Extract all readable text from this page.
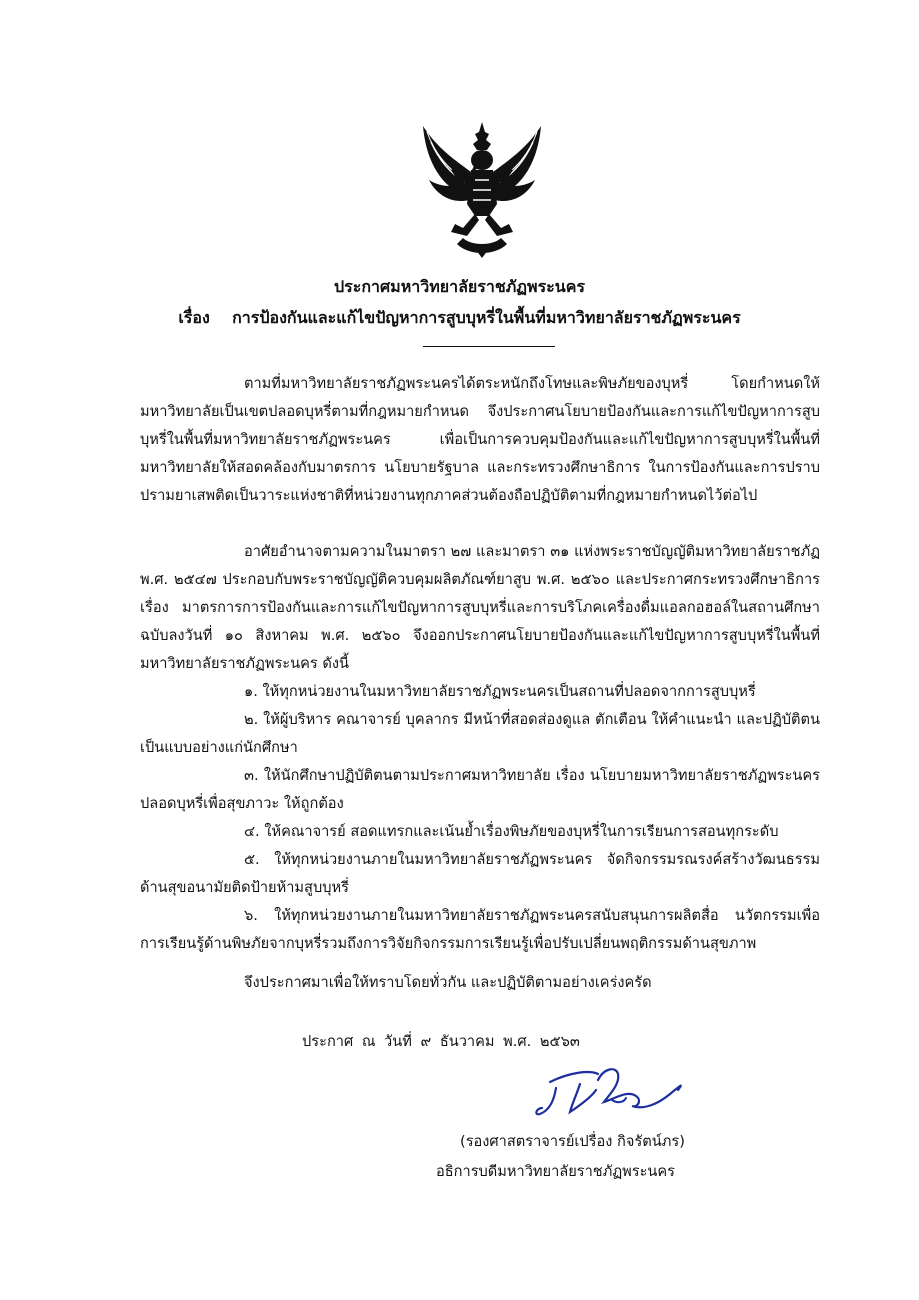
ประกาศมหาวิทยาลัยราชภัฏพระนคร
เรื่อง การป้องกันและแก้ไขปัญหาการสูบบุหรี่ในพื้นที่มหาวิทยาลัยราชภัฏพระนคร

ตามที่มหาวิทยาลัยราชภัฏพระนครได้ตระหนักถึงโทษและพิษภัยของบุหรี่ โดยกำหนดให้มหาวิทยาลัยเป็นเขตปลอดบุหรี่ตามที่กฎหมายกำหนด จึงประกาศนโยบายป้องกันและการแก้ไขปัญหาการสูบบุหรี่ในพื้นที่มหาวิทยาลัยราชภัฏพระนคร เพื่อเป็นการควบคุมป้องกันและแก้ไขปัญหาการสูบบุหรี่ในพื้นที่มหาวิทยาลัยให้สอดคล้องกับมาตรการ นโยบายรัฐบาล และกระทรวงศึกษาธิการ ในการป้องกันและการปราบปรามยาเสพติดเป็นวาระแห่งชาติที่หน่วยงานทุกภาคส่วนต้องถือปฏิบัติตามที่กฎหมายกำหนดไว้ต่อไป

อาศัยอำนาจตามความในมาตรา ๒๗ และมาตรา ๓๑ แห่งพระราชบัญญัติมหาวิทยาลัยราชภัฏ พ.ศ. ๒๕๔๗ ประกอบกับพระราชบัญญัติควบคุมผลิตภัณฑ์ยาสูบ พ.ศ. ๒๕๖๐ และประกาศกระทรวงศึกษาธิการ เรื่อง มาตรการการป้องกันและการแก้ไขปัญหาการสูบบุหรี่และการบริโภคเครื่องดื่มแอลกอฮอล์ในสถานศึกษา ฉบับลงวันที่ ๑๐ สิงหาคม พ.ศ. ๒๕๖๐ จึงออกประกาศนโยบายป้องกันและแก้ไขปัญหาการสูบบุหรี่ในพื้นที่มหาวิทยาลัยราชภัฏพระนคร ดังนี้

๑. ให้ทุกหน่วยงานในมหาวิทยาลัยราชภัฏพระนครเป็นสถานที่ปลอดจากการสูบบุหรี่

๒. ให้ผู้บริหาร คณาจารย์ บุคลากร มีหน้าที่สอดส่องดูแล ตักเตือน ให้คำแนะนำ และปฏิบัติตนเป็นแบบอย่างแก่นักศึกษา

๓. ให้นักศึกษาปฏิบัติตนตามประกาศมหาวิทยาลัย เรื่อง นโยบายมหาวิทยาลัยราชภัฏพระนครปลอดบุหรี่เพื่อสุขภาวะ ให้ถูกต้อง

๔. ให้คณาจารย์ สอดแทรกและเน้นย้ำเรื่องพิษภัยของบุหรี่ในการเรียนการสอนทุกระดับ

๕. ให้ทุกหน่วยงานภายในมหาวิทยาลัยราชภัฏพระนคร จัดกิจกรรมรณรงค์สร้างวัฒนธรรมด้านสุขอนามัยติดป้ายห้ามสูบบุหรี่

๖. ให้ทุกหน่วยงานภายในมหาวิทยาลัยราชภัฏพระนครสนับสนุนการผลิตสื่อ นวัตกรรมเพื่อการเรียนรู้ด้านพิษภัยจากบุหรี่รวมถึงการวิจัยกิจกรรมการเรียนรู้เพื่อปรับเปลี่ยนพฤติกรรมด้านสุขภาพ

จึงประกาศมาเพื่อให้ทราบโดยทั่วกัน และปฏิบัติตามอย่างเคร่งครัด
ประกาศ ณ วันที่ ๙ ธันวาคม พ.ศ. ๒๕๖๓
(รองศาสตราจารย์เปรื่อง กิจรัตน์ภร)
อธิการบดีมหาวิทยาลัยราชภัฏพระนคร
